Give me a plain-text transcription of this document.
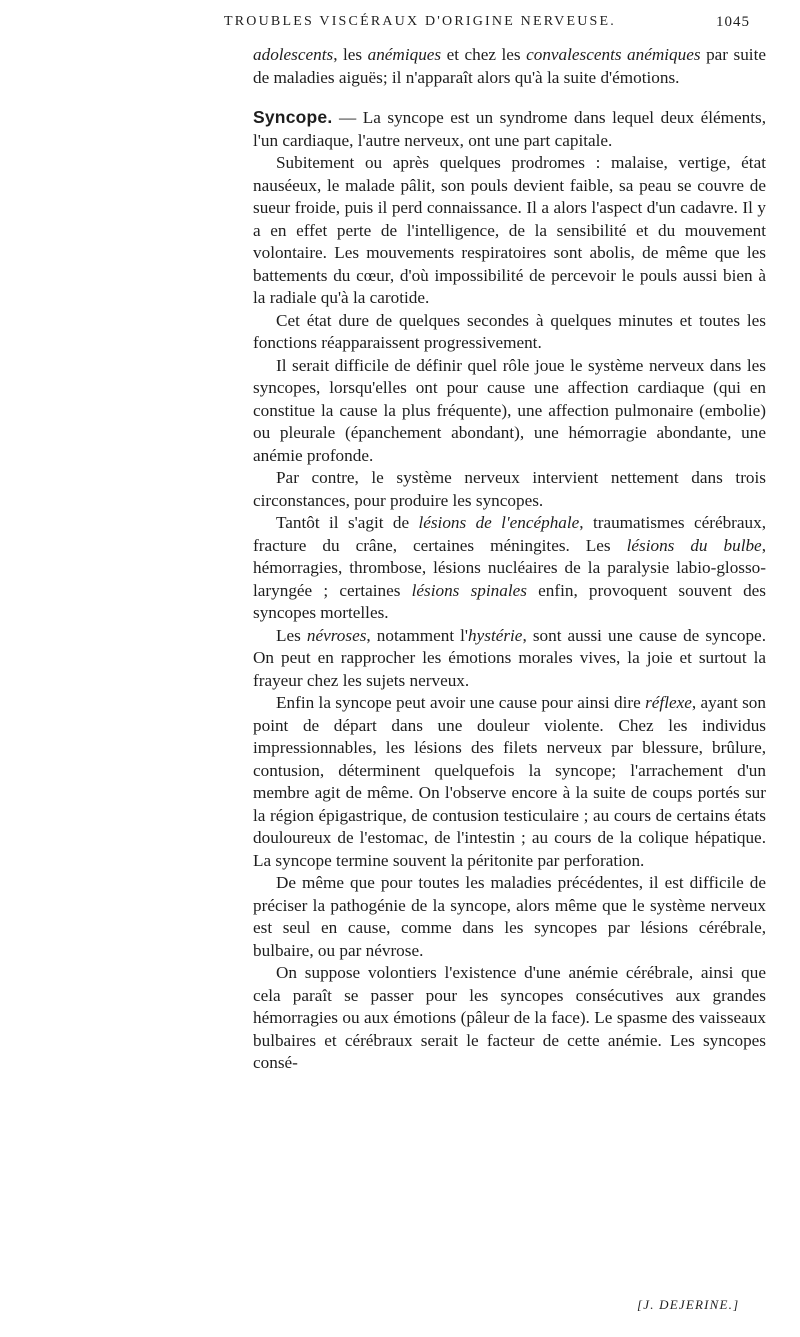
TROUBLES VISCÉRAUX D'ORIGINE NERVEUSE.	1045

adolescents, les anémiques et chez les convalescents anémiques par suite de maladies aiguës; il n'apparaît alors qu'à la suite d'émotions.

Syncope. — La syncope est un syndrome dans lequel deux éléments, l'un cardiaque, l'autre nerveux, ont une part capitale.

Subitement ou après quelques prodromes : malaise, vertige, état nauséeux, le malade pâlit, son pouls devient faible, sa peau se couvre de sueur froide, puis il perd connaissance. Il a alors l'aspect d'un cadavre. Il y a en effet perte de l'intelligence, de la sensibilité et du mouvement volontaire. Les mouvements respiratoires sont abolis, de même que les battements du cœur, d'où impossibilité de percevoir le pouls aussi bien à la radiale qu'à la carotide.

Cet état dure de quelques secondes à quelques minutes et toutes les fonctions réapparaissent progressivement.

Il serait difficile de définir quel rôle joue le système nerveux dans les syncopes, lorsqu'elles ont pour cause une affection cardiaque (qui en constitue la cause la plus fréquente), une affection pulmonaire (embolie) ou pleurale (épanchement abondant), une hémorragie abondante, une anémie profonde.

Par contre, le système nerveux intervient nettement dans trois circonstances, pour produire les syncopes.

Tantôt il s'agit de lésions de l'encéphale, traumatismes cérébraux, fracture du crâne, certaines méningites. Les lésions du bulbe, hémorragies, thrombose, lésions nucléaires de la paralysie labio-glosso-laryngée ; certaines lésions spinales enfin, provoquent souvent des syncopes mortelles.

Les névroses, notamment l'hystérie, sont aussi une cause de syncope. On peut en rapprocher les émotions morales vives, la joie et surtout la frayeur chez les sujets nerveux.

Enfin la syncope peut avoir une cause pour ainsi dire réflexe, ayant son point de départ dans une douleur violente. Chez les individus impressionnables, les lésions des filets nerveux par blessure, brûlure, contusion, déterminent quelquefois la syncope; l'arrachement d'un membre agit de même. On l'observe encore à la suite de coups portés sur la région épigastrique, de contusion testiculaire ; au cours de certains états douloureux de l'estomac, de l'intestin ; au cours de la colique hépatique. La syncope termine souvent la péritonite par perforation.

De même que pour toutes les maladies précédentes, il est difficile de préciser la pathogénie de la syncope, alors même que le système nerveux est seul en cause, comme dans les syncopes par lésions cérébrale, bulbaire, ou par névrose.

On suppose volontiers l'existence d'une anémie cérébrale, ainsi que cela paraît se passer pour les syncopes consécutives aux grandes hémorragies ou aux émotions (pâleur de la face). Le spasme des vaisseaux bulbaires et cérébraux serait le facteur de cette anémie. Les syncopes consé-

[J. DEJERINE.]
